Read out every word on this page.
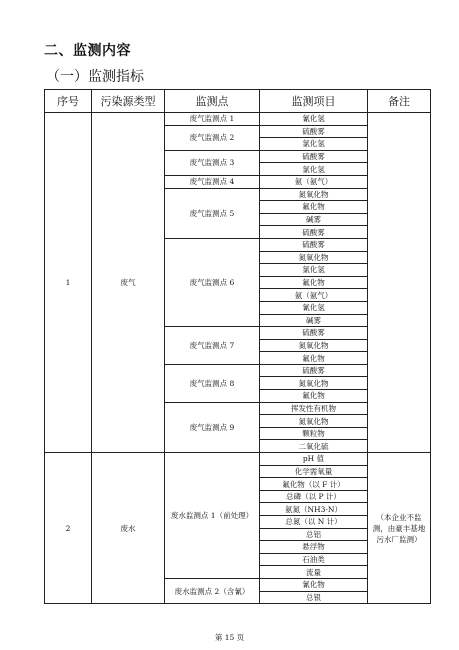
二、监测内容
（一）监测指标
序号	污染源类型	监测点	监测项目	备注
1	废气	废气监测点 1	氰化氢	
		废气监测点 2	硫酸雾	
			氯化氢	
		废气监测点 3	硫酸雾	
			氯化氢	
		废气监测点 4	氨（氨气）	
		废气监测点 5	氮氧化物	
			氟化物	
			碱雾	
			硫酸雾	
		废气监测点 6	硫酸雾	
			氮氧化物	
			氯化氢	
			氟化物	
			氨（氨气）	
			氰化氢	
			碱雾	
		废气监测点 7	硫酸雾	
			氮氧化物	
			氟化物	
		废气监测点 8	硫酸雾	
			氮氧化物	
			氟化物	
		废气监测点 9	挥发性有机物	
			氮氧化物	
			颗粒物	
			二氧化硫	
2	废水	废水监测点 1（前处理）	pH 值	（本企业不监测，由豪丰基地污水厂监测）
			化学需氧量	
			氟化物（以 F 计）	
			总磷（以 P 计）	
			氨氮（NH3-N）	
			总氮（以 N 计）	
			总铝	
			悬浮物	
			石油类	
			流量	
		废水监测点 2（含氰）	氰化物	
			总银	
第 15 页
